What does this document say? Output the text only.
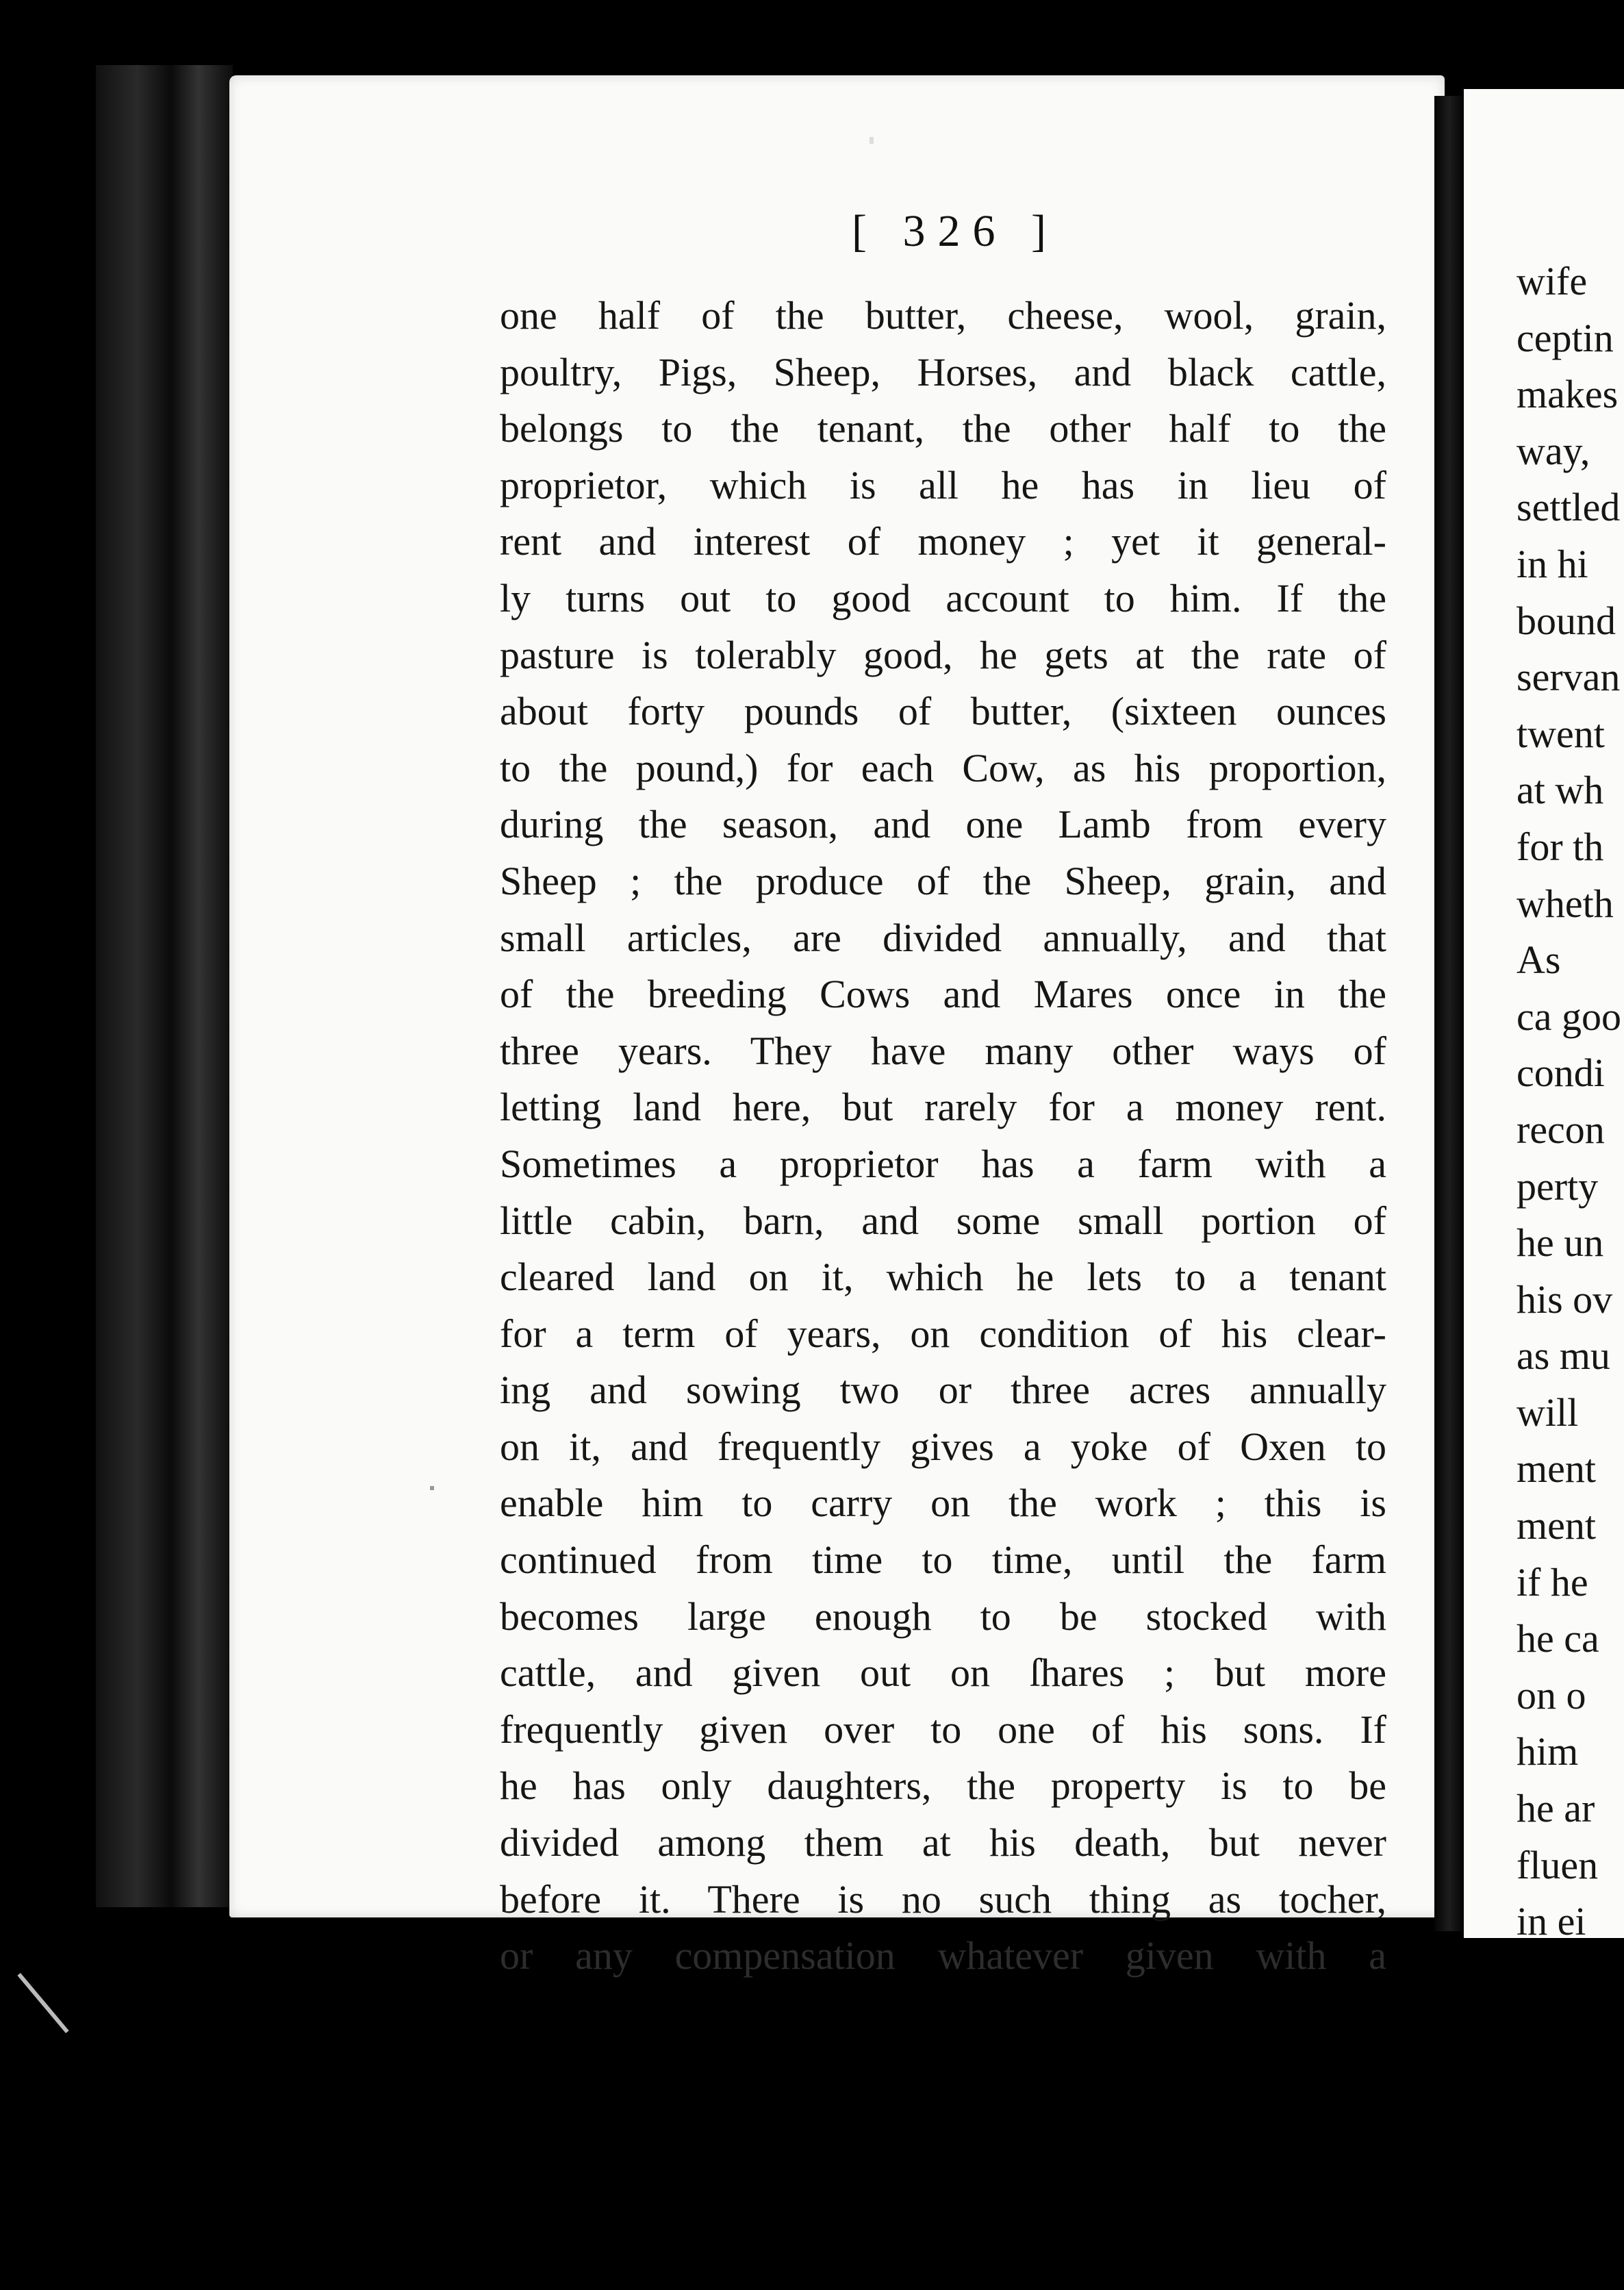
[ 326 ]
one half of the butter, cheese, wool, grain,
poultry, Pigs, Sheep, Horses, and black cattle,
belongs to the tenant, the other half to the
proprietor, which is all he has in lieu of
rent and interest of money ; yet it general-
ly turns out to good account to him. If the
pasture is tolerably good, he gets at the rate of
about forty pounds of butter, (sixteen ounces
to the pound,) for each Cow, as his proportion,
during the season, and one Lamb from every
Sheep ; the produce of the Sheep, grain, and
small articles, are divided annually, and that
of the breeding Cows and Mares once in the
three years. They have many other ways of
letting land here, but rarely for a money rent.
Sometimes a proprietor has a farm with a
little cabin, barn, and some small portion of
cleared land on it, which he lets to a tenant
for a term of years, on condition of his clear-
ing and sowing two or three acres annually
on it, and frequently gives a yoke of Oxen to
enable him to carry on the work ; this is
continued from time to time, until the farm
becomes large enough to be stocked with
cattle, and given out on ſhares ; but more
frequently given over to one of his sons. If
he has only daughters, the property is to be
divided among them at his death, but never
before it. There is no such thing as tocher,
or any compensation whatever given with a
wife
ceptin
makes
way,
settled
in hi
bound
servan
twent
at wh
for th
wheth
As
ca goo
condi
recon
perty
he un
his ov
as mu
will
ment
ment
if he
he ca
on o
him
he ar
fluen
in ei
